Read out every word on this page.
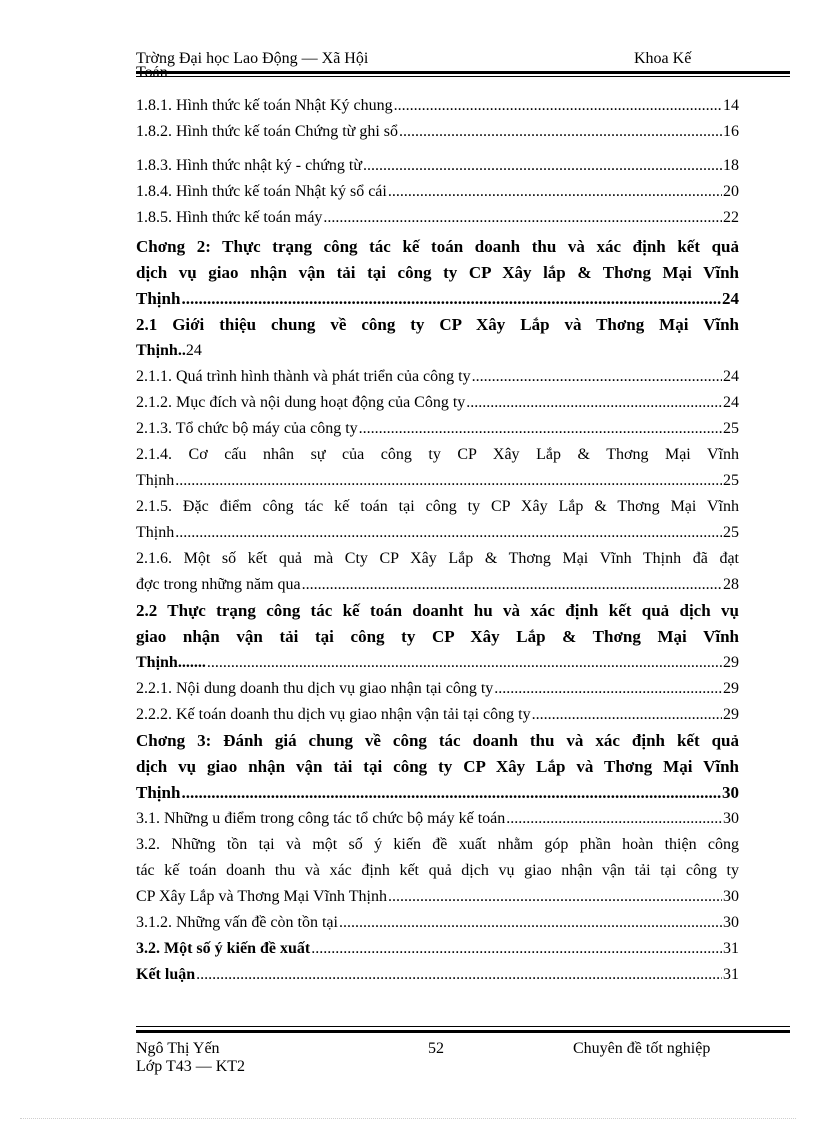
Trờng Đại học Lao Động — Xã Hội	Khoa Kế
1.8.1. Hình thức kế toán Nhật Ký chung .....	14
1.8.2. Hình thức kế toán Chứng từ ghi sổ .....	16
1.8.3. Hình thức nhật ký - chứng từ .....	18
1.8.4. Hình thức kế toán Nhật ký sổ cái .....	20
1.8.5. Hình thức kế toán máy .....	22
Chơng 2: Thực trạng công tác kế toán doanh thu và xác định kết quả
dịch vụ giao nhận vận tải tại công ty CP Xây lắp & Thơng Mại Vĩnh
Thịnh .....	24
2.1 Giới thiệu chung về công ty CP Xây Lắp và Thơng Mại Vĩnh
Thịnh..24
2.1.1. Quá trình hình thành và phát triển của công ty .....	24
2.1.2. Mục đích và nội dung hoạt động của Công ty .....	24
2.1.3. Tổ chức bộ máy của công ty .....	25
2.1.4. Cơ cấu nhân sự của công ty CP Xây Lắp & Thơng Mại Vĩnh
Thịnh .....	25
2.1.5. Đặc điểm công tác kế toán tại công ty CP Xây Lắp & Thơng Mại Vĩnh
Thịnh .....	25
2.1.6. Một số kết quả mà Cty CP Xây Lắp & Thơng Mại Vĩnh Thịnh đã đạt
đợc trong những năm qua .....	28
2.2 Thực trạng công tác kế toán doanht hu và xác định kết quả dịch vụ
giao nhận vận tải tại công ty CP Xây Lắp & Thơng Mại Vĩnh
Thịnh....... .....	29
2.2.1. Nội dung doanh thu dịch vụ giao nhận tại công ty .....	29
2.2.2. Kế toán doanh thu dịch vụ giao nhận vận tải tại công ty .....	29
Chơng 3: Đánh giá chung về công tác doanh thu và xác định kết quả
dịch vụ giao nhận vận tải tại công ty CP Xây Lắp và Thơng Mại Vĩnh
Thịnh .....	30
3.1. Những u điểm trong công tác tổ chức bộ máy kế toán .....	30
3.2. Những tồn tại và một số ý kiến đề xuất nhằm góp phần hoàn thiện công
tác kế toán doanh thu và xác định kết quả dịch vụ giao nhận vận tải tại công ty
CP Xây Lắp và Thơng Mại Vĩnh Thịnh .....	30
3.1.2. Những vấn đề còn tồn tại .....	30
3.2. Một số ý kiến đề xuất .....	31
Kết luận .....	31
Ngô Thị Yến
Lớp T43 — KT2
52	Chuyên đề tốt nghiệp
